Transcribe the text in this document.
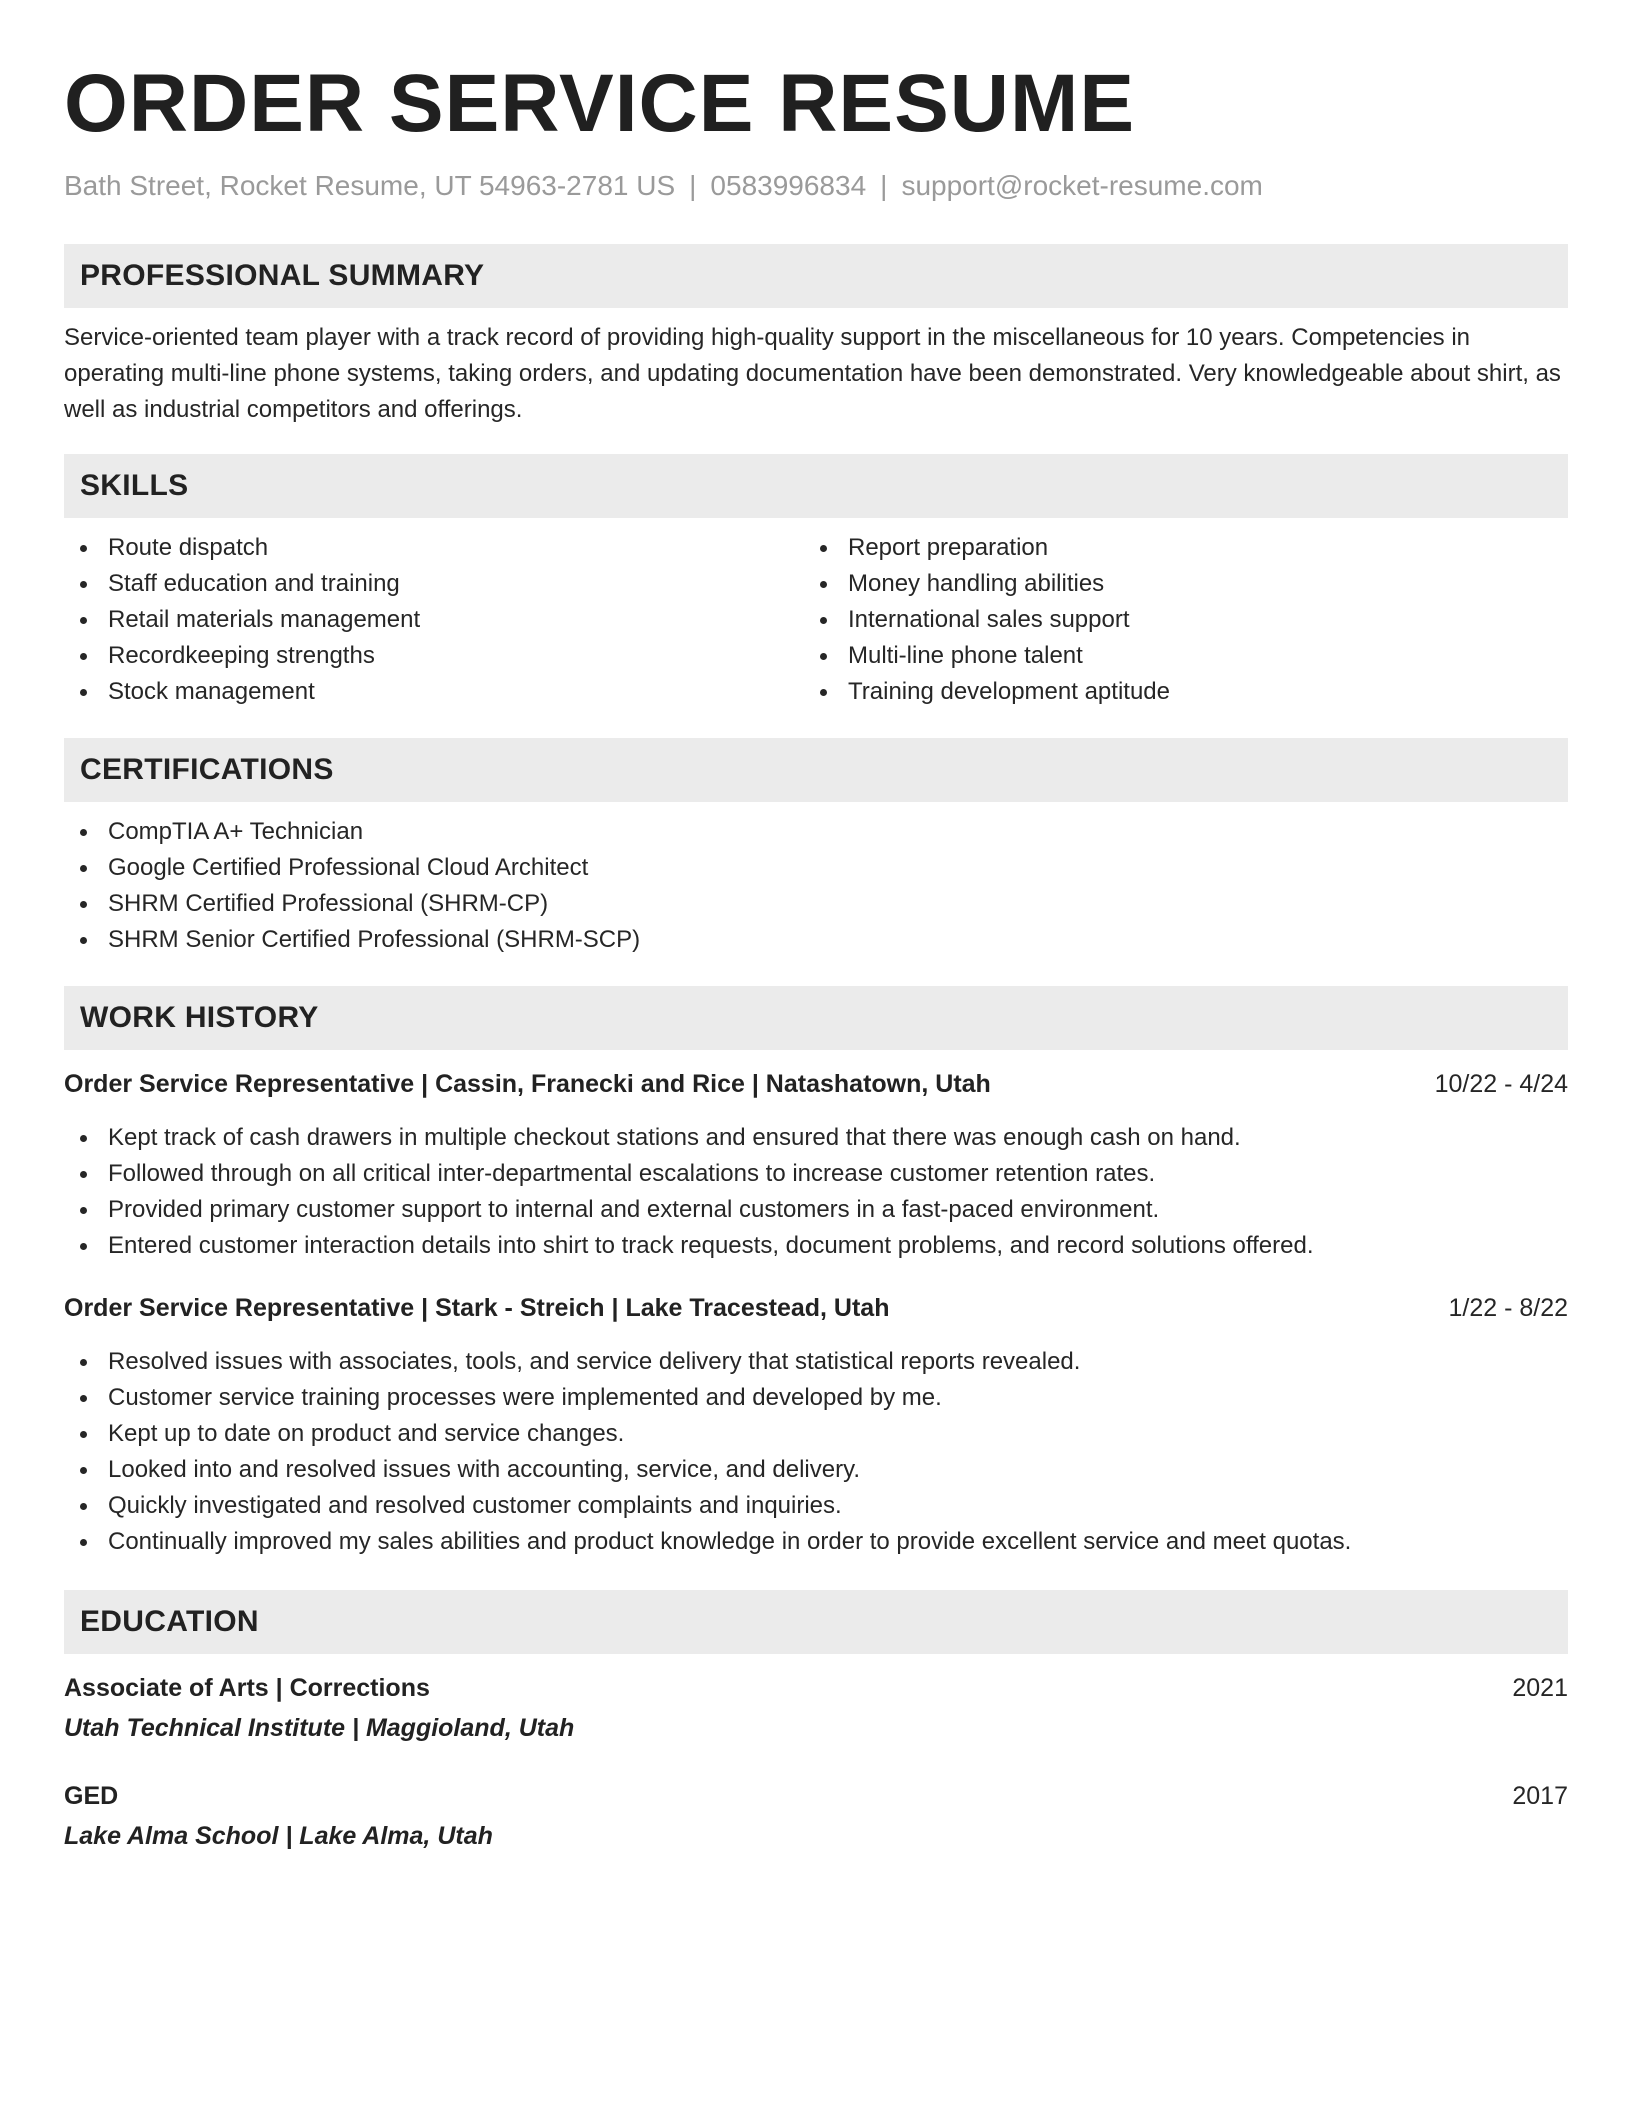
ORDER SERVICE RESUME
Bath Street, Rocket Resume, UT 54963-2781 US | 0583996834 | support@rocket-resume.com
PROFESSIONAL SUMMARY
Service-oriented team player with a track record of providing high-quality support in the miscellaneous for 10 years. Competencies in operating multi-line phone systems, taking orders, and updating documentation have been demonstrated. Very knowledgeable about shirt, as well as industrial competitors and offerings.
SKILLS
Route dispatch
Staff education and training
Retail materials management
Recordkeeping strengths
Stock management
Report preparation
Money handling abilities
International sales support
Multi-line phone talent
Training development aptitude
CERTIFICATIONS
CompTIA A+ Technician
Google Certified Professional Cloud Architect
SHRM Certified Professional (SHRM-CP)
SHRM Senior Certified Professional (SHRM-SCP)
WORK HISTORY
Order Service Representative | Cassin, Franecki and Rice | Natashatown, Utah	10/22 - 4/24
Kept track of cash drawers in multiple checkout stations and ensured that there was enough cash on hand.
Followed through on all critical inter-departmental escalations to increase customer retention rates.
Provided primary customer support to internal and external customers in a fast-paced environment.
Entered customer interaction details into shirt to track requests, document problems, and record solutions offered.
Order Service Representative | Stark - Streich | Lake Tracestead, Utah	1/22 - 8/22
Resolved issues with associates, tools, and service delivery that statistical reports revealed.
Customer service training processes were implemented and developed by me.
Kept up to date on product and service changes.
Looked into and resolved issues with accounting, service, and delivery.
Quickly investigated and resolved customer complaints and inquiries.
Continually improved my sales abilities and product knowledge in order to provide excellent service and meet quotas.
EDUCATION
Associate of Arts | Corrections	2021
Utah Technical Institute | Maggioland, Utah
GED	2017
Lake Alma School | Lake Alma, Utah
